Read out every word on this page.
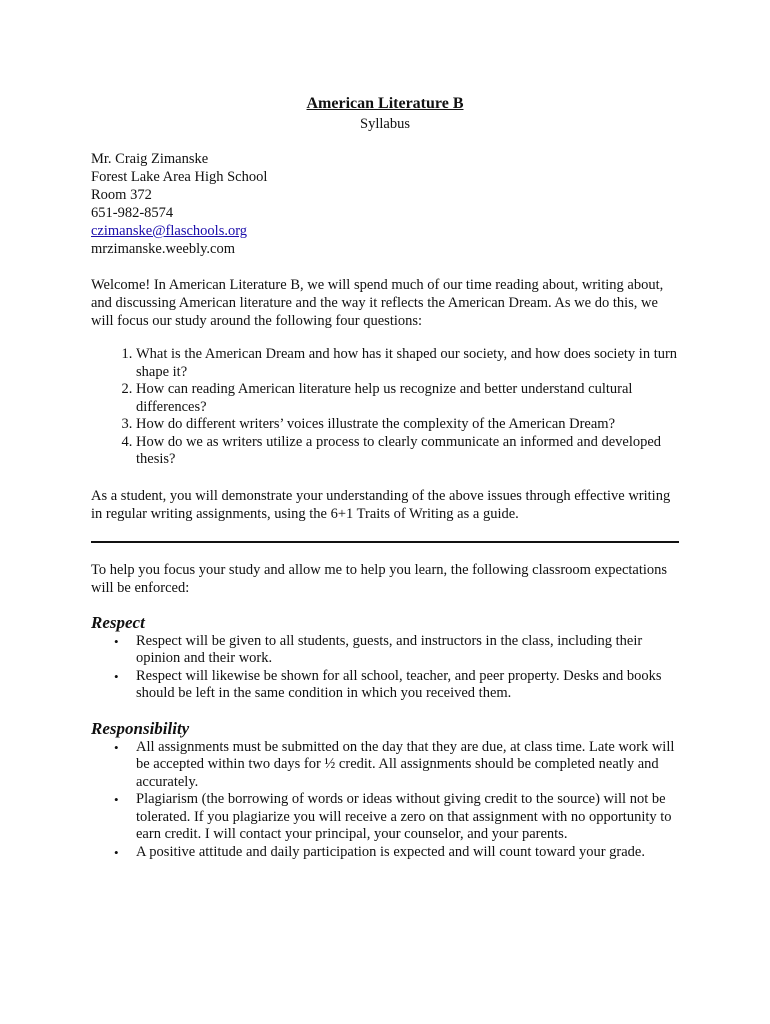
American Literature B
Syllabus
Mr. Craig Zimanske
Forest Lake Area High School
Room 372
651-982-8574
czimanske@flaschools.org
mrzimanske.weebly.com

Welcome! In American Literature B, we will spend much of our time reading about, writing about, and discussing American literature and the way it reflects the American Dream. As we do this, we will focus our study around the following four questions:

1. What is the American Dream and how has it shaped our society, and how does society in turn shape it?
2. How can reading American literature help us recognize and better understand cultural differences?
3. How do different writers’ voices illustrate the complexity of the American Dream?
4. How do we as writers utilize a process to clearly communicate an informed and developed thesis?

As a student, you will demonstrate your understanding of the above issues through effective writing in regular writing assignments, using the 6+1 Traits of Writing as a guide.

To help you focus your study and allow me to help you learn, the following classroom expectations will be enforced:

Respect
• Respect will be given to all students, guests, and instructors in the class, including their opinion and their work.
• Respect will likewise be shown for all school, teacher, and peer property. Desks and books should be left in the same condition in which you received them.
Responsibility
• All assignments must be submitted on the day that they are due, at class time. Late work will be accepted within two days for ½ credit. All assignments should be completed neatly and accurately.
• Plagiarism (the borrowing of words or ideas without giving credit to the source) will not be tolerated. If you plagiarize you will receive a zero on that assignment with no opportunity to earn credit. I will contact your principal, your counselor, and your parents.
• A positive attitude and daily participation is expected and will count toward your grade.
